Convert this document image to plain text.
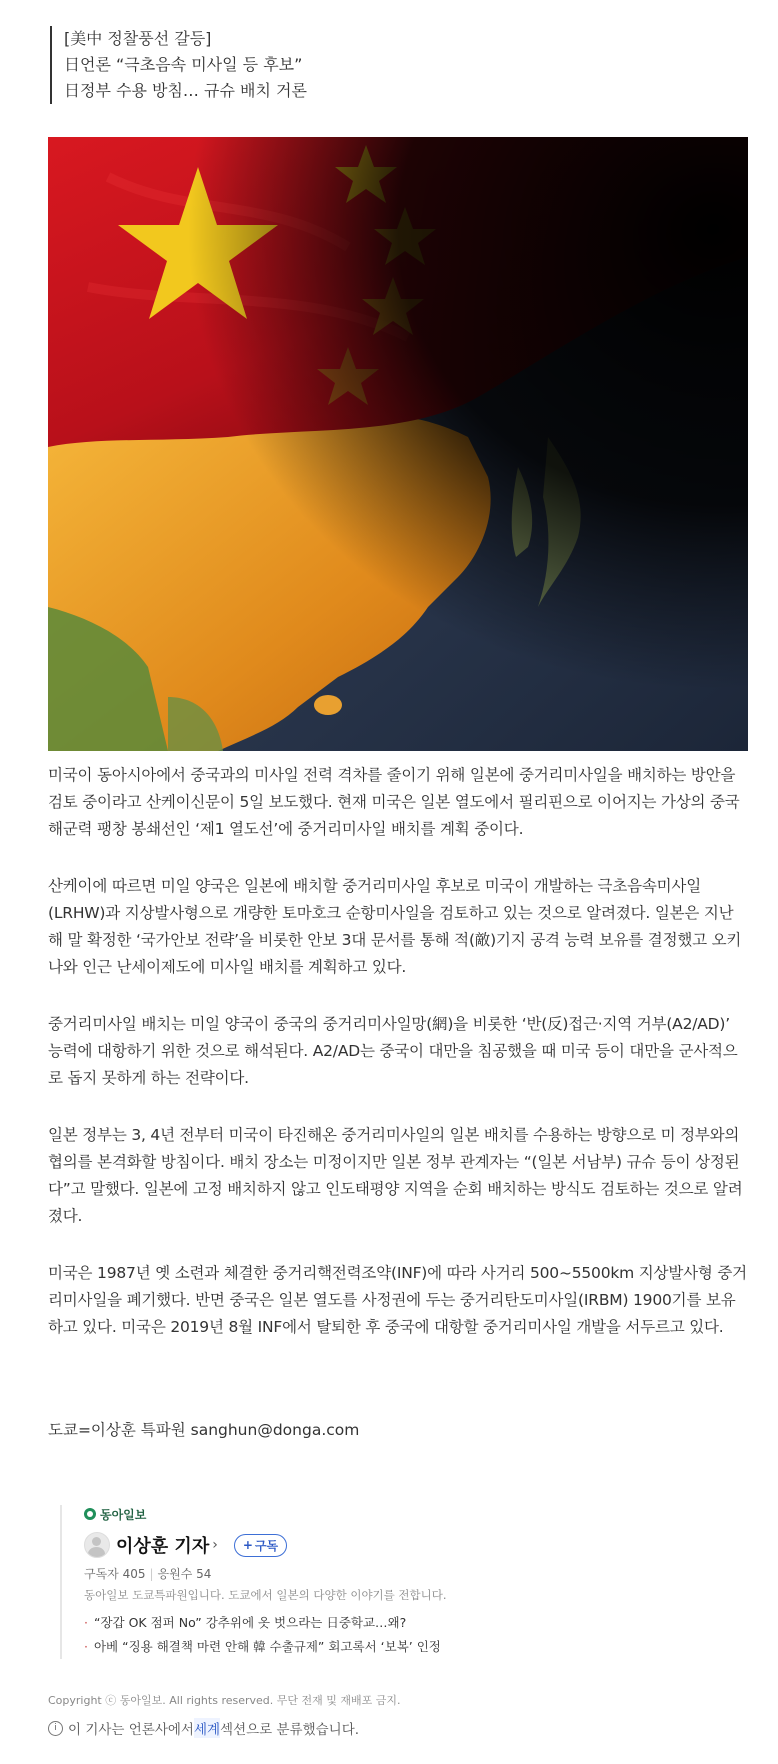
[美中 정찰풍선 갈등]
日언론 “극초음속 미사일 등 후보”
日정부 수용 방침… 규슈 배치 거론

미국이 동아시아에서 중국과의 미사일 전력 격차를 줄이기 위해 일본에 중거리미사일을 배치하는 방안을 검토 중이라고 산케이신문이 5일 보도했다. 현재 미국은 일본 열도에서 필리핀으로 이어지는 가상의 중국 해군력 팽창 봉쇄선인 ‘제1 열도선’에 중거리미사일 배치를 계획 중이다.

산케이에 따르면 미일 양국은 일본에 배치할 중거리미사일 후보로 미국이 개발하는 극초음속미사일(LRHW)과 지상발사형으로 개량한 토마호크 순항미사일을 검토하고 있는 것으로 알려졌다. 일본은 지난해 말 확정한 ‘국가안보 전략’을 비롯한 안보 3대 문서를 통해 적(敵)기지 공격 능력 보유를 결정했고 오키나와 인근 난세이제도에 미사일 배치를 계획하고 있다.

중거리미사일 배치는 미일 양국이 중국의 중거리미사일망(網)을 비롯한 ‘반(反)접근·지역 거부(A2/AD)’ 능력에 대항하기 위한 것으로 해석된다. A2/AD는 중국이 대만을 침공했을 때 미국 등이 대만을 군사적으로 돕지 못하게 하는 전략이다.

일본 정부는 3, 4년 전부터 미국이 타진해온 중거리미사일의 일본 배치를 수용하는 방향으로 미 정부와의 협의를 본격화할 방침이다. 배치 장소는 미정이지만 일본 정부 관계자는 “(일본 서남부) 규슈 등이 상정된다”고 말했다. 일본에 고정 배치하지 않고 인도태평양 지역을 순회 배치하는 방식도 검토하는 것으로 알려졌다.

미국은 1987년 옛 소련과 체결한 중거리핵전력조약(INF)에 따라 사거리 500~5500km 지상발사형 중거리미사일을 폐기했다. 반면 중국은 일본 열도를 사정권에 두는 중거리탄도미사일(IRBM) 1900기를 보유하고 있다. 미국은 2019년 8월 INF에서 탈퇴한 후 중국에 대항할 중거리미사일 개발을 서두르고 있다.

도쿄=이상훈 특파원 sanghun@donga.com
동아일보
이상훈 기자 › + 구독
구독자 405 | 응원수 54
동아일보 도쿄특파원입니다. 도쿄에서 일본의 다양한 이야기를 전합니다.
· “장갑 OK 점퍼 No” 강추위에 옷 벗으라는 日중학교…왜?
· 아베 “징용 해결책 마련 안해 韓 수출규제” 회고록서 ‘보복’ 인정
Copyright ⓒ 동아일보. All rights reserved. 무단 전재 및 재배포 금지.
i 이 기사는 언론사에서 세계 섹션으로 분류했습니다.
